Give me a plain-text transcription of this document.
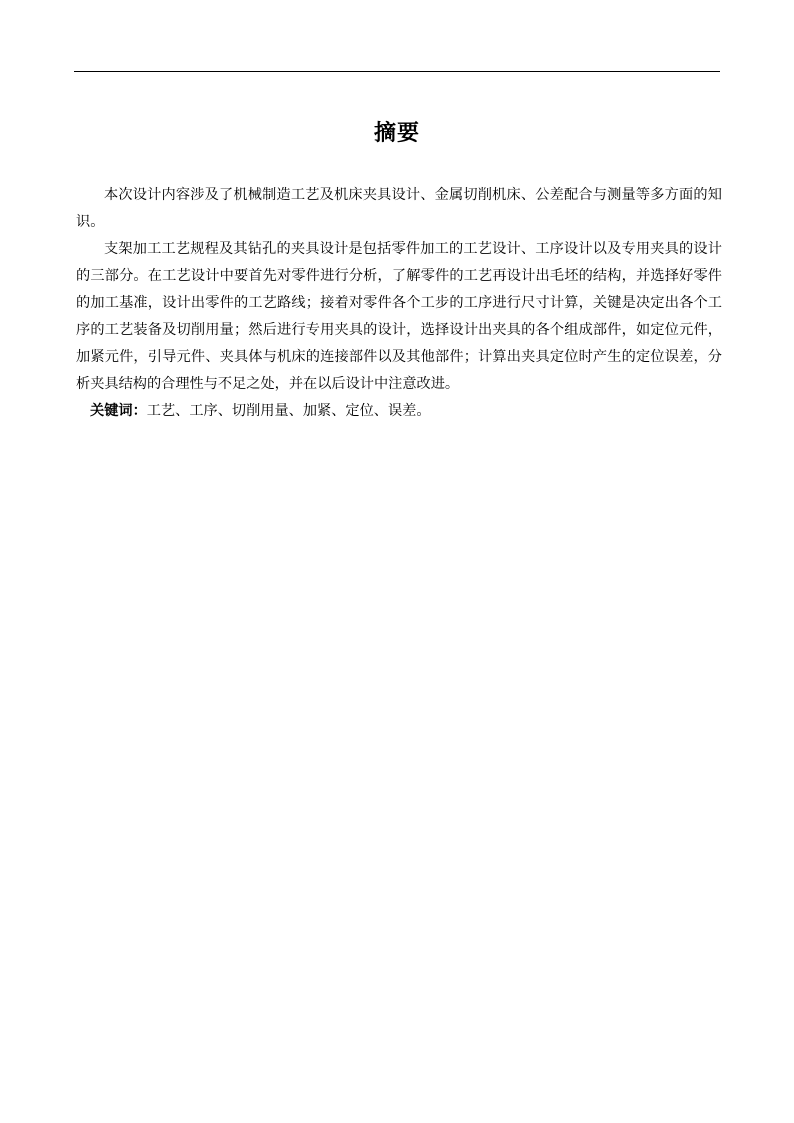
摘要

本次设计内容涉及了机械制造工艺及机床夹具设计、金属切削机床、公差配合与测量等多方面的知识。

支架加工工艺规程及其钻孔的夹具设计是包括零件加工的工艺设计、工序设计以及专用夹具的设计的三部分。在工艺设计中要首先对零件进行分析，了解零件的工艺再设计出毛坯的结构，并选择好零件的加工基准，设计出零件的工艺路线；接着对零件各个工步的工序进行尺寸计算，关键是决定出各个工序的工艺装备及切削用量；然后进行专用夹具的设计，选择设计出夹具的各个组成部件，如定位元件，加紧元件，引导元件、夹具体与机床的连接部件以及其他部件；计算出夹具定位时产生的定位误差，分析夹具结构的合理性与不足之处，并在以后设计中注意改进。

关键词：工艺、工序、切削用量、加紧、定位、误差。
